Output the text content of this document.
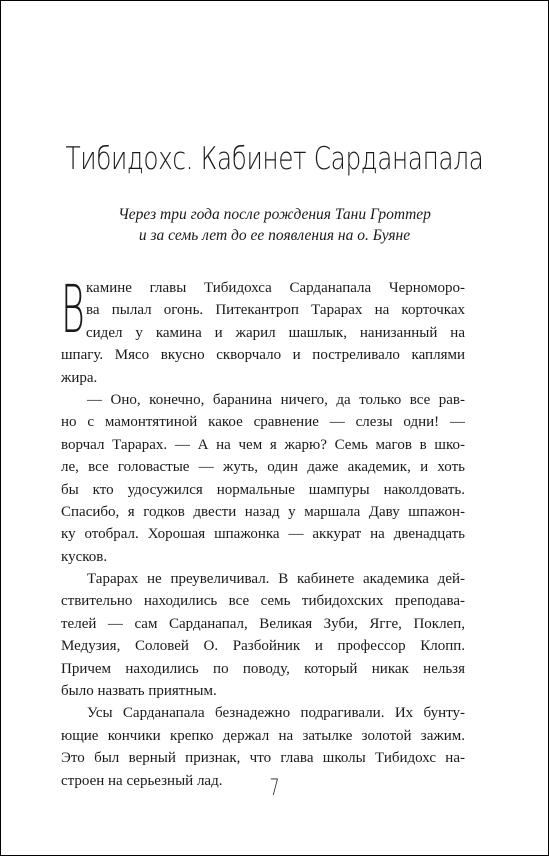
Тибидохс. Кабинет Сарданапала
Через три года после рождения Тани Гроттер
и за семь лет до ее появления на о. Буяне
В камине главы Тибидохса Сарданапала Черноморо-
ва пылал огонь. Питекантроп Тарарах на корточках
сидел у камина и жарил шашлык, нанизанный на
шпагу. Мясо вкусно скворчало и постреливало каплями
жира.
— Оно, конечно, баранина ничего, да только все рав-
но с мамонтятиной какое сравнение — слезы одни! —
ворчал Тарарах. — А на чем я жарю? Семь магов в шко-
ле, все головастые — жуть, один даже академик, и хоть
бы кто удосужился нормальные шампуры наколдовать.
Спасибо, я годков двести назад у маршала Даву шпажон-
ку отобрал. Хорошая шпажонка — аккурат на двенадцать
кусков.
Тарарах не преувеличивал. В кабинете академика дей-
ствительно находились все семь тибидохских преподава-
телей — сам Сарданапал, Великая Зуби, Ягге, Поклеп,
Медузия, Соловей О. Разбойник и профессор Клопп.
Причем находились по поводу, который никак нельзя
было назвать приятным.
Усы Сарданапала безнадежно подрагивали. Их бунту-
ющие кончики крепко держал на затылке золотой зажим.
Это был верный признак, что глава школы Тибидохс на-
строен на серьезный лад.	7
